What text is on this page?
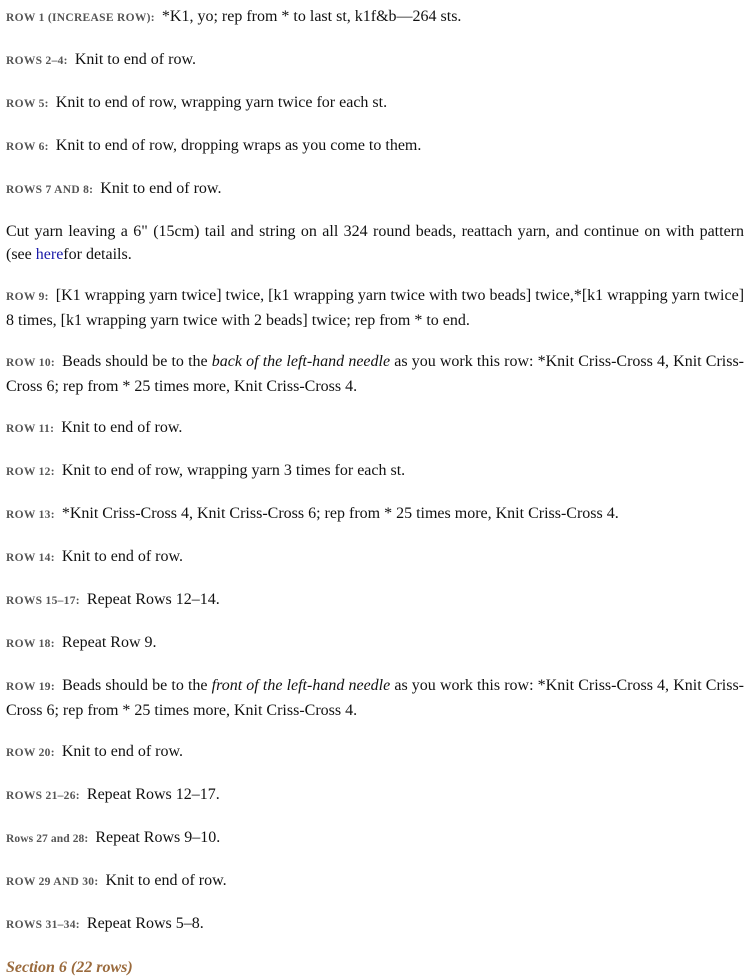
ROW 1 (INCREASE ROW): *K1, yo; rep from * to last st, k1f&b—264 sts.

ROWS 2–4: Knit to end of row.

ROW 5: Knit to end of row, wrapping yarn twice for each st.

ROW 6: Knit to end of row, dropping wraps as you come to them.

ROWS 7 AND 8: Knit to end of row.

Cut yarn leaving a 6" (15cm) tail and string on all 324 round beads, reattach yarn, and continue on with pattern (see herefor details.

ROW 9: [K1 wrapping yarn twice] twice, [k1 wrapping yarn twice with two beads] twice,*[k1 wrapping yarn twice] 8 times, [k1 wrapping yarn twice with 2 beads] twice; rep from * to end.

ROW 10: Beads should be to the back of the left-hand needle as you work this row: *Knit Criss-Cross 4, Knit Criss-Cross 6; rep from * 25 times more, Knit Criss-Cross 4.

ROW 11: Knit to end of row.

ROW 12: Knit to end of row, wrapping yarn 3 times for each st.

ROW 13: *Knit Criss-Cross 4, Knit Criss-Cross 6; rep from * 25 times more, Knit Criss-Cross 4.

ROW 14: Knit to end of row.

ROWS 15–17: Repeat Rows 12–14.

ROW 18: Repeat Row 9.

ROW 19: Beads should be to the front of the left-hand needle as you work this row: *Knit Criss-Cross 4, Knit Criss-Cross 6; rep from * 25 times more, Knit Criss-Cross 4.

ROW 20: Knit to end of row.

ROWS 21–26: Repeat Rows 12–17.

Rows 27 and 28: Repeat Rows 9–10.

ROW 29 AND 30: Knit to end of row.

ROWS 31–34: Repeat Rows 5–8.

Section 6 (22 rows)
